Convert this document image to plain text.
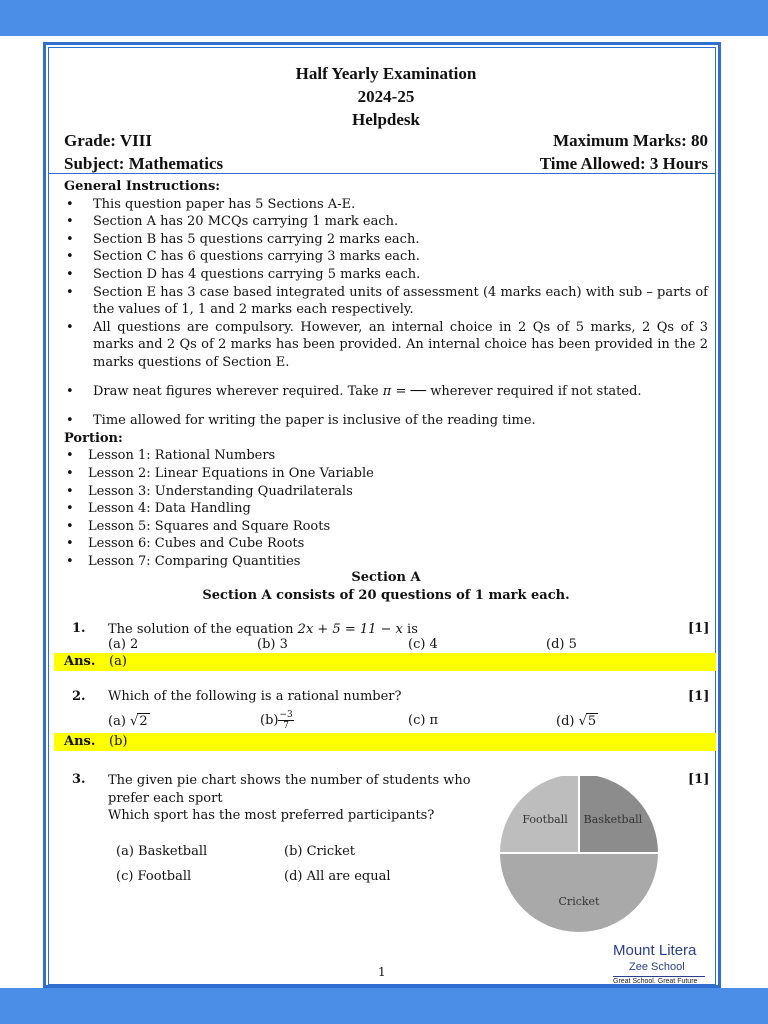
Half Yearly Examination
2024-25
Helpdesk
Grade: VIII	Maximum Marks: 80
Subject: Mathematics	Time Allowed: 3 Hours
General Instructions:
• This question paper has 5 Sections A-E.
• Section A has 20 MCQs carrying 1 mark each.
• Section B has 5 questions carrying 2 marks each.
• Section C has 6 questions carrying 3 marks each.
• Section D has 4 questions carrying 5 marks each.
• Section E has 3 case based integrated units of assessment (4 marks each) with sub – parts of the values of 1, 1 and 2 marks each respectively.
• All questions are compulsory. However, an internal choice in 2 Qs of 5 marks, 2 Qs of 3 marks and 2 Qs of 2 marks has been provided. An internal choice has been provided in the 2 marks questions of Section E.
• Draw neat figures wherever required. Take π = ── wherever required if not stated.
• Time allowed for writing the paper is inclusive of the reading time.
Portion:
• Lesson 1: Rational Numbers
• Lesson 2: Linear Equations in One Variable
• Lesson 3: Understanding Quadrilaterals
• Lesson 4: Data Handling
• Lesson 5: Squares and Square Roots
• Lesson 6: Cubes and Cube Roots
• Lesson 7: Comparing Quantities
Section A
Section A consists of 20 questions of 1 mark each.
1. The solution of the equation 2x + 5 = 11 − x is	[1]
(a) 2	(b) 3	(c) 4	(d) 5
Ans. (a)
2. Which of the following is a rational number?	[1]
(a) √2	$(b) \frac{-3}{7}$	(c) π	(d) √5
Ans. (b)
3. The given pie chart shows the number of students who
prefer each sport
Which sport has the most preferred participants?
[1]
(a) Basketball	(b) Cricket
(c) Football	(d) All are equal
Basketball
Cricket
Football
1
Mount Litera
Zee School
Great School. Great Future
